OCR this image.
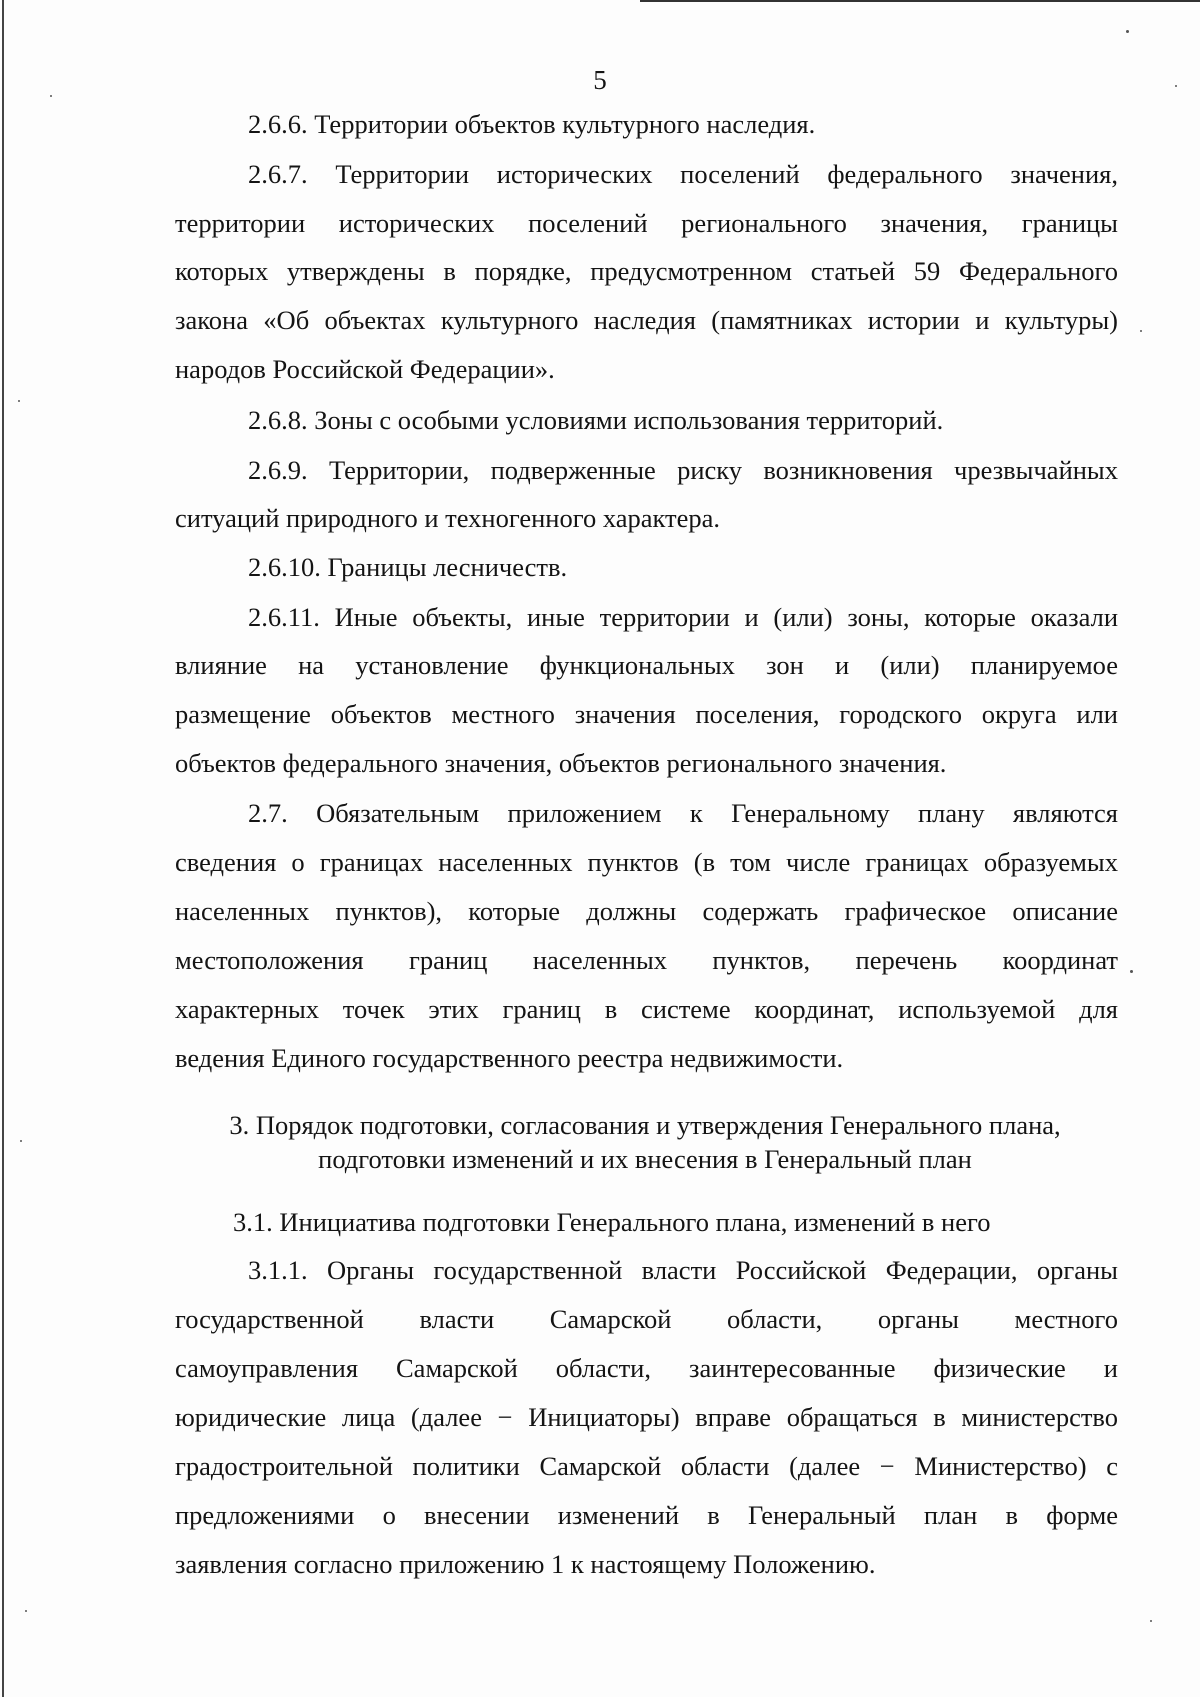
5
2.6.6. Территории объектов культурного наследия.
2.6.7. Территории исторических поселений федерального значения,
территории исторических поселений регионального значения, границы
которых утверждены в порядке, предусмотренном статьей 59 Федерального
закона «Об объектах культурного наследия (памятниках истории и культуры)
народов Российской Федерации».
2.6.8. Зоны с особыми условиями использования территорий.
2.6.9. Территории, подверженные риску возникновения чрезвычайных
ситуаций природного и техногенного характера.
2.6.10. Границы лесничеств.
2.6.11. Иные объекты, иные территории и (или) зоны, которые оказали
влияние на установление функциональных зон и (или) планируемое
размещение объектов местного значения поселения, городского округа или
объектов федерального значения, объектов регионального значения.
2.7. Обязательным приложением к Генеральному плану являются
сведения о границах населенных пунктов (в том числе границах образуемых
населенных пунктов), которые должны содержать графическое описание
местоположения границ населенных пунктов, перечень координат
характерных точек этих границ в системе координат, используемой для
ведения Единого государственного реестра недвижимости.
3. Порядок подготовки, согласования и утверждения Генерального плана,
подготовки изменений и их внесения в Генеральный план
3.1. Инициатива подготовки Генерального плана, изменений в него
3.1.1. Органы государственной власти Российской Федерации, органы
государственной власти Самарской области, органы местного
самоуправления Самарской области, заинтересованные физические и
юридические лица (далее − Инициаторы) вправе обращаться в министерство
градостроительной политики Самарской области (далее − Министерство) с
предложениями о внесении изменений в Генеральный план в форме
заявления согласно приложению 1 к настоящему Положению.
